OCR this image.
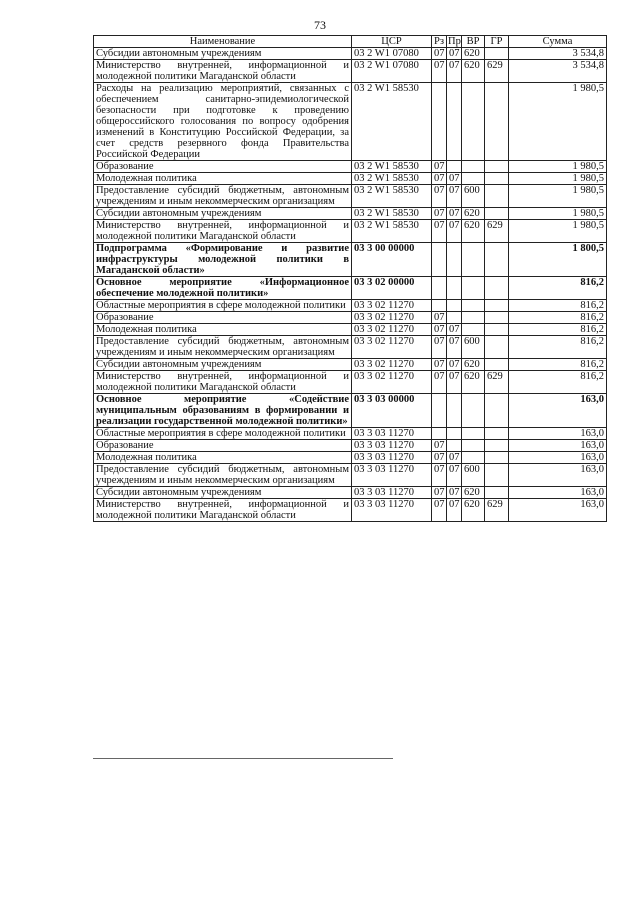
73
Наименование	ЦСР	Рз	Пр	ВР	ГР	Сумма
Субсидии автономным учреждениям	03 2 W1 07080	07	07	620		3 534,8
Министерство внутренней, информационной и молодежной политики Магаданской области	03 2 W1 07080	07	07	620	629	3 534,8
Расходы на реализацию мероприятий, связанных с обеспечением санитарно-эпидемиологической безопасности при подготовке к проведению общероссийского голосования по вопросу одобрения изменений в Конституцию Российской Федерации, за счет средств резервного фонда Правительства Российской Федерации	03 2 W1 58530					1 980,5
Образование	03 2 W1 58530	07				1 980,5
Молодежная политика	03 2 W1 58530	07	07			1 980,5
Предоставление субсидий бюджетным, автономным учреждениям и иным некоммерческим организациям	03 2 W1 58530	07	07	600		1 980,5
Субсидии автономным учреждениям	03 2 W1 58530	07	07	620		1 980,5
Министерство внутренней, информационной и молодежной политики Магаданской области	03 2 W1 58530	07	07	620	629	1 980,5
Подпрограмма «Формирование и развитие инфраструктуры молодежной политики в Магаданской области»	03 3 00 00000					1 800,5
Основное мероприятие «Информационное обеспечение молодежной политики»	03 3 02 00000					816,2
Областные мероприятия в сфере молодежной политики	03 3 02 11270					816,2
Образование	03 3 02 11270	07				816,2
Молодежная политика	03 3 02 11270	07	07			816,2
Предоставление субсидий бюджетным, автономным учреждениям и иным некоммерческим организациям	03 3 02 11270	07	07	600		816,2
Субсидии автономным учреждениям	03 3 02 11270	07	07	620		816,2
Министерство внутренней, информационной и молодежной политики Магаданской области	03 3 02 11270	07	07	620	629	816,2
Основное мероприятие «Содействие муниципальным образованиям в формировании и реализации государственной молодежной политики»	03 3 03 00000					163,0
Областные мероприятия в сфере молодежной политики	03 3 03 11270					163,0
Образование	03 3 03 11270	07				163,0
Молодежная политика	03 3 03 11270	07	07			163,0
Предоставление субсидий бюджетным, автономным учреждениям и иным некоммерческим организациям	03 3 03 11270	07	07	600		163,0
Субсидии автономным учреждениям	03 3 03 11270	07	07	620		163,0
Министерство внутренней, информационной и молодежной политики Магаданской области	03 3 03 11270	07	07	620	629	163,0
